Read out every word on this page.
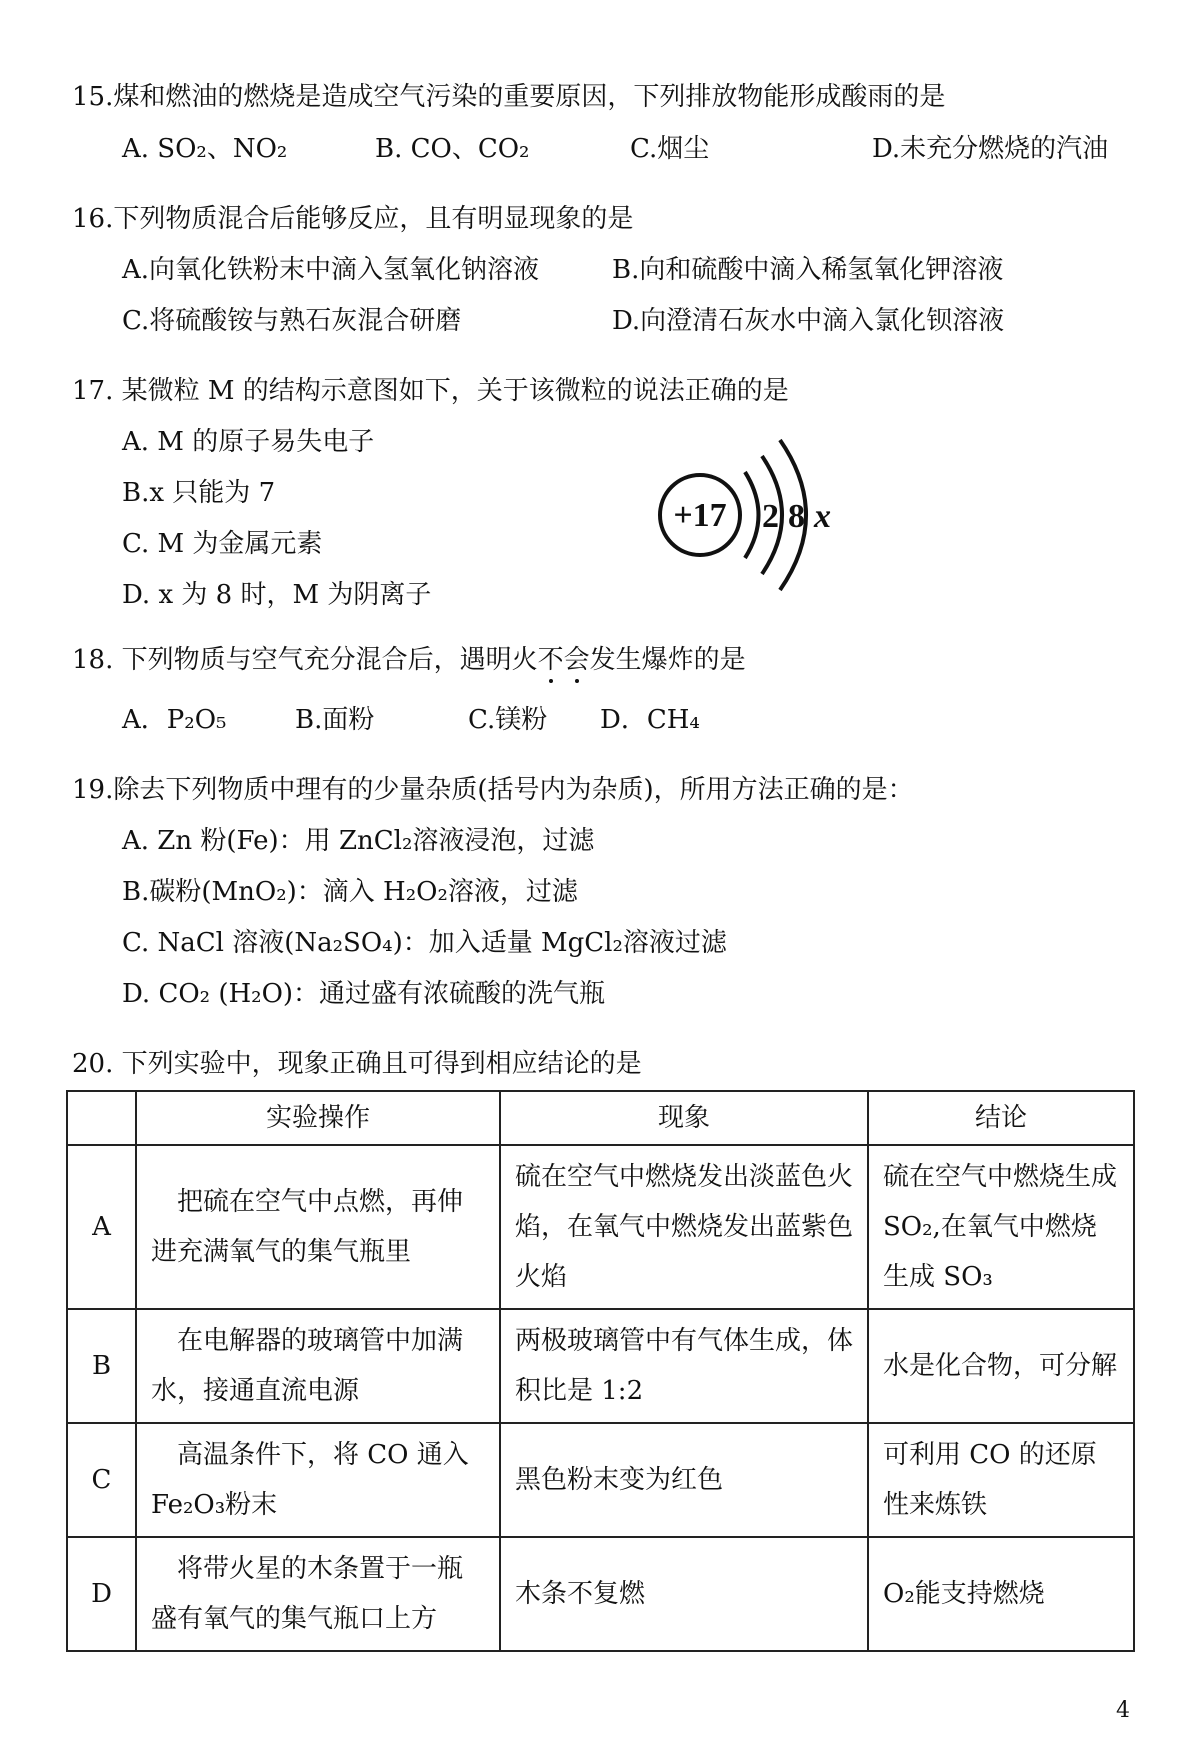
15.煤和燃油的燃烧是造成空气污染的重要原因，下列排放物能形成酸雨的是
A. SO₂、NO₂	B. CO、CO₂	C.烟尘	D.未充分燃烧的汽油
16.下列物质混合后能够反应，且有明显现象的是
A.向氧化铁粉末中滴入氢氧化钠溶液	B.向和硫酸中滴入稀氢氧化钾溶液
C.将硫酸铵与熟石灰混合研磨	D.向澄清石灰水中滴入氯化钡溶液
17. 某微粒 M 的结构示意图如下，关于该微粒的说法正确的是
A. M 的原子易失电子
B.x 只能为 7
C. M 为金属元素
D. x 为 8 时，M 为阴离子
+17 2 8 x
18. 下列物质与空气充分混合后，遇明火不会发生爆炸的是
A．P₂O₅	B.面粉	C.镁粉 D．CH₄
19.除去下列物质中理有的少量杂质(括号内为杂质)，所用方法正确的是：
A. Zn 粉(Fe)：用 ZnCl₂溶液浸泡，过滤
B.碳粉(MnO₂)：滴入 H₂O₂溶液，过滤
C. NaCl 溶液(Na₂SO₄)：加入适量 MgCl₂溶液过滤
D. CO₂ (H₂O)：通过盛有浓硫酸的洗气瓶
20. 下列实验中，现象正确且可得到相应结论的是
	实验操作	现象	结论
A	把硫在空气中点燃，再伸进充满氧气的集气瓶里	硫在空气中燃烧发出淡蓝色火焰，在氧气中燃烧发出蓝紫色火焰	硫在空气中燃烧生成SO₂,在氧气中燃烧生成 SO₃
B	在电解器的玻璃管中加满水，接通直流电源	两极玻璃管中有气体生成，体积比是 1:2	水是化合物，可分解
C	高温条件下，将 CO 通入 Fe₂O₃粉末	黑色粉末变为红色	可利用 CO 的还原性来炼铁
D	将带火星的木条置于一瓶盛有氧气的集气瓶口上方	木条不复燃	O₂能支持燃烧
4
